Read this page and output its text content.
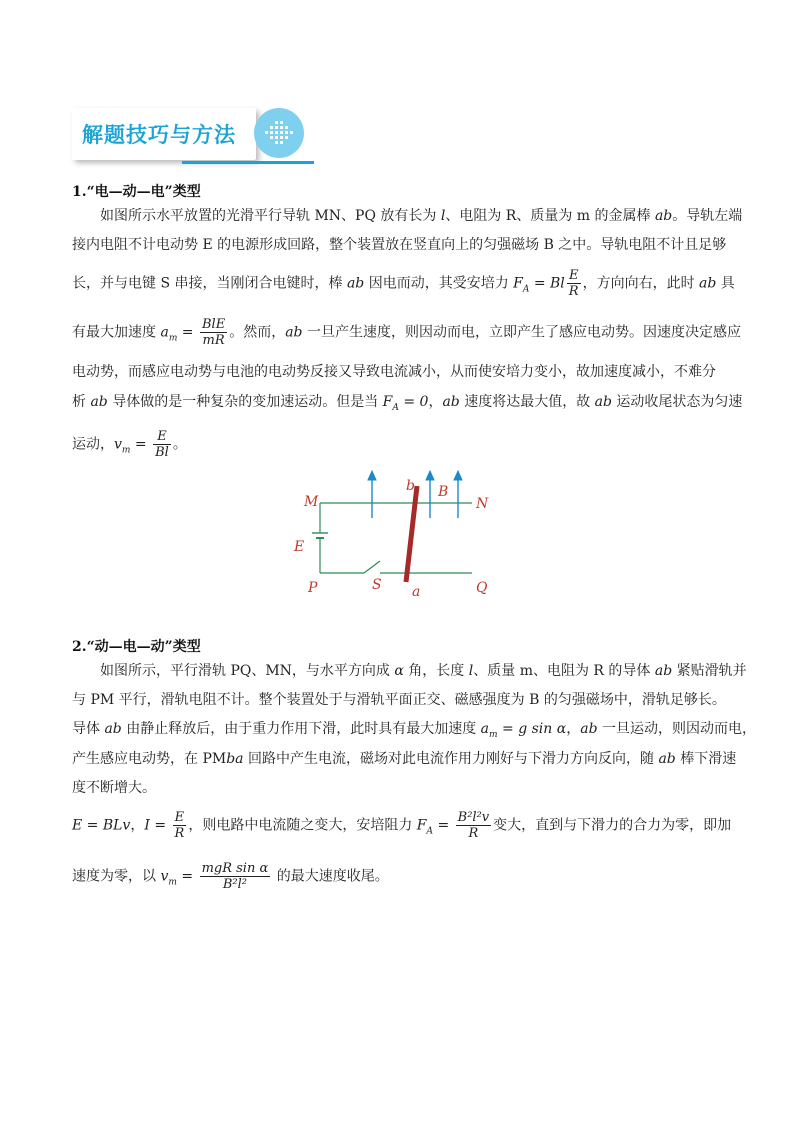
解题技巧与方法
1.“电—动—电”类型
如图所示水平放置的光滑平行导轨 MN、PQ 放有长为 l、电阻为 R、质量为 m 的金属棒 ab。导轨左端
接内电阻不计电动势 E 的电源形成回路，整个装置放在竖直向上的匀强磁场 B 之中。导轨电阻不计且足够
长，并与电键 S 串接，当刚闭合电键时，棒 ab 因电而动，其受安培力 $F_A = Bl \frac{E}{R}$ ，方向向右，此时 ab 具
有最大加速度 $a_m = \frac{\text{BlE}}{mR}$ 。然而，ab 一旦产生速度，则因动而电，立即产生了感应电动势。因速度决定感应
电动势，而感应电动势与电池的电动势反接又导致电流减小，从而使安培力变小，故加速度减小，不难分
析 ab 导体做的是一种复杂的变加速运动。但是当 $F_A = 0$，ab 速度将达最大值，故 ab 运动收尾状态为匀速
运动，$v_m = \frac{E}{Bl}$ 。
M	N
E
P	S a
b B
Q
2.“动—电—动”类型
如图所示，平行滑轨 PQ、MN，与水平方向成 α 角，长度 l、质量 m、电阻为 R 的导体 ab 紧贴滑轨并
与 PM 平行，滑轨电阻不计。整个装置处于与滑轨平面正交、磁感强度为 B 的匀强磁场中，滑轨足够长。
导体 ab 由静止释放后，由于重力作用下滑，此时具有最大加速度 $a_m = g$ sin α，ab 一旦运动，则因动而电，
产生感应电动势，在 PMba 回路中产生电流，磁场对此电流作用力刚好与下滑力方向反向，随 ab 棒下滑速
度不断增大。
E = BLv，$I = \frac{E}{R}$ ，则电路中电流随之变大，安培阻力 $F_A = \frac{\text{B²l²v}}{R}$ 变大，直到与下滑力的合力为零，即加
速度为零，以 $v_m = \frac{\text{mgR sin α}}{\text{B²l²}}$ 的最大速度收尾。
